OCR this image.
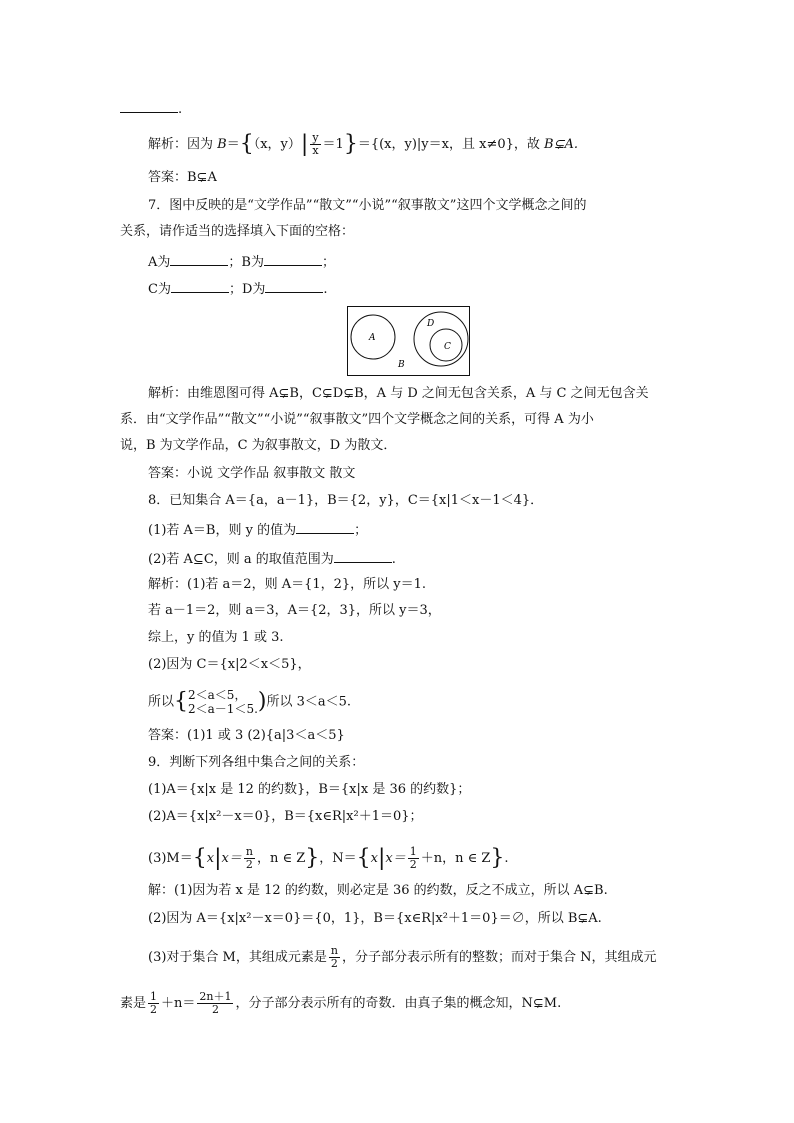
.
解析：因为 B＝{（x，$y)| \frac{y}{x} =1\}=\{(x$，y)|y＝x，且 x≠0}，故 B⊊A.
答案：B⊊A
7．图中反映的是“文学作品”“散文”“小说”“叙事散文”这四个文学概念之间的
关系，请作适当的选择填入下面的空格：
A为	；B为	；
C为	；D为	.
A
B
C
D
解析：由维恩图可得 A⊊B，C⊊D⊊B，A 与 D 之间无包含关系，A 与 C 之间无包含关
系．由“文学作品”“散文”“小说”“叙事散文”四个文学概念之间的关系，可得 A 为小
说，B 为文学作品，C 为叙事散文，D 为散文．
答案：小说 文学作品 叙事散文 散文
8．已知集合 A＝{a，a－1}，B＝{2，y}，C＝{x|1＜x－1＜4}．
(1)若 A＝B，则 y 的值为	；
(2)若 A⊆C，则 a 的取值范围为	.
解析：(1)若 a＝2，则 A＝{1，2}，所以 y＝1.
若 a－1＝2，则 a＝3，A＝{2，3}，所以 y＝3，
综上，y 的值为 1 或 3.
(2)因为 C＝{x|2＜x＜5}，
所以{ 2＜a＜5，
2＜a－1＜5. )所以 3＜a＜5.
答案：(1)1 或 3 (2){a|3＜a＜5}
9．判断下列各组中集合之间的关系：
(1)A＝{x|x 是 12 的约数}，B＝{x|x 是 36 的约数}；
(2)A＝{x|x²－x＝0}，B＝{x∈R|x²＋1＝0}；
$(3)M=\{x|x= \frac{n}{2}$ ，n ∈ Z}，$N=\{x|x= \frac{1}{2} +n$，n ∈ Z}.
解：(1)因为若 x 是 12 的约数，则必定是 36 的约数，反之不成立，所以 A⊊B.
(2)因为 A＝{x|x²－x＝0}＝{0，1}，B＝{x∈R|x²＋1＝0}＝∅，所以 B⊊A.
(3)对于集合 M，其组成元素是 $\frac{n}{2}$ ，分子部分表示所有的整数；而对于集合 N，其组成元
素是 $\frac{1}{2} +n= \frac{2n+1}{2}$ ，分子部分表示所有的奇数．由真子集的概念知，N⊊M.
